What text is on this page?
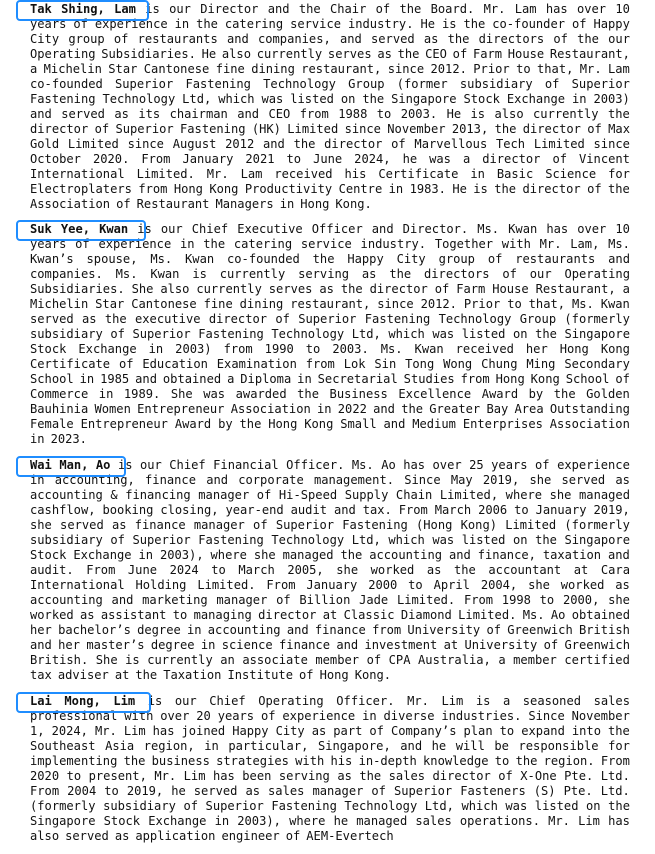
Tak Shing, Lam is our Director and the Chair of the Board. Mr. Lam has over 10
years of experience in the catering service industry. He is the co-founder of Happy
City group of restaurants and companies, and served as the directors of the our
Operating Subsidiaries. He also currently serves as the CEO of Farm House Restaurant,
a Michelin Star Cantonese fine dining restaurant, since 2012. Prior to that, Mr. Lam
co-founded Superior Fastening Technology Group (former subsidiary of Superior
Fastening Technology Ltd, which was listed on the Singapore Stock Exchange in 2003)
and served as its chairman and CEO from 1988 to 2003. He is also currently the
director of Superior Fastening (HK) Limited since November 2013, the director of Max
Gold Limited since August 2012 and the director of Marvellous Tech Limited since
October 2020. From January 2021 to June 2024, he was a director of Vincent
International Limited. Mr. Lam received his Certificate in Basic Science for
Electroplaters from Hong Kong Productivity Centre in 1983. He is the director of the
Association of Restaurant Managers in Hong Kong.
Suk Yee, Kwan is our Chief Executive Officer and Director. Ms. Kwan has over 10
years of experience in the catering service industry. Together with Mr. Lam, Ms.
Kwan’s spouse, Ms. Kwan co-founded the Happy City group of restaurants and
companies. Ms. Kwan is currently serving as the directors of our Operating
Subsidiaries. She also currently serves as the director of Farm House Restaurant, a
Michelin Star Cantonese fine dining restaurant, since 2012. Prior to that, Ms. Kwan
served as the executive director of Superior Fastening Technology Group (formerly
subsidiary of Superior Fastening Technology Ltd, which was listed on the Singapore
Stock Exchange in 2003) from 1990 to 2003. Ms. Kwan received her Hong Kong
Certificate of Education Examination from Lok Sin Tong Wong Chung Ming Secondary
School in 1985 and obtained a Diploma in Secretarial Studies from Hong Kong School of
Commerce in 1989. She was awarded the Business Excellence Award by the Golden
Bauhinia Women Entrepreneur Association in 2022 and the Greater Bay Area Outstanding
Female Entrepreneur Award by the Hong Kong Small and Medium Enterprises Association
in 2023.
Wai Man, Ao is our Chief Financial Officer. Ms. Ao has over 25 years of experience
in accounting, finance and corporate management. Since May 2019, she served as
accounting & financing manager of Hi-Speed Supply Chain Limited, where she managed
cashflow, booking closing, year-end audit and tax. From March 2006 to January 2019,
she served as finance manager of Superior Fastening (Hong Kong) Limited (formerly
subsidiary of Superior Fastening Technology Ltd, which was listed on the Singapore
Stock Exchange in 2003), where she managed the accounting and finance, taxation and
audit. From June 2024 to March 2005, she worked as the accountant at Cara
International Holding Limited. From January 2000 to April 2004, she worked as
accounting and marketing manager of Billion Jade Limited. From 1998 to 2000, she
worked as assistant to managing director at Classic Diamond Limited. Ms. Ao obtained
her bachelor’s degree in accounting and finance from University of Greenwich British
and her master’s degree in science finance and investment at University of Greenwich
British. She is currently an associate member of CPA Australia, a member certified
tax adviser at the Taxation Institute of Hong Kong.
Lai Mong, Lim is our Chief Operating Officer. Mr. Lim is a seasoned sales
professional with over 20 years of experience in diverse industries. Since November
1, 2024, Mr. Lim has joined Happy City as part of Company’s plan to expand into the
Southeast Asia region, in particular, Singapore, and he will be responsible for
implementing the business strategies with his in-depth knowledge to the region. From
2020 to present, Mr. Lim has been serving as the sales director of X-One Pte. Ltd.
From 2004 to 2019, he served as sales manager of Superior Fasteners (S) Pte. Ltd.
(formerly subsidiary of Superior Fastening Technology Ltd, which was listed on the
Singapore Stock Exchange in 2003), where he managed sales operations. Mr. Lim has
also served as application engineer of AEM-Evertech
